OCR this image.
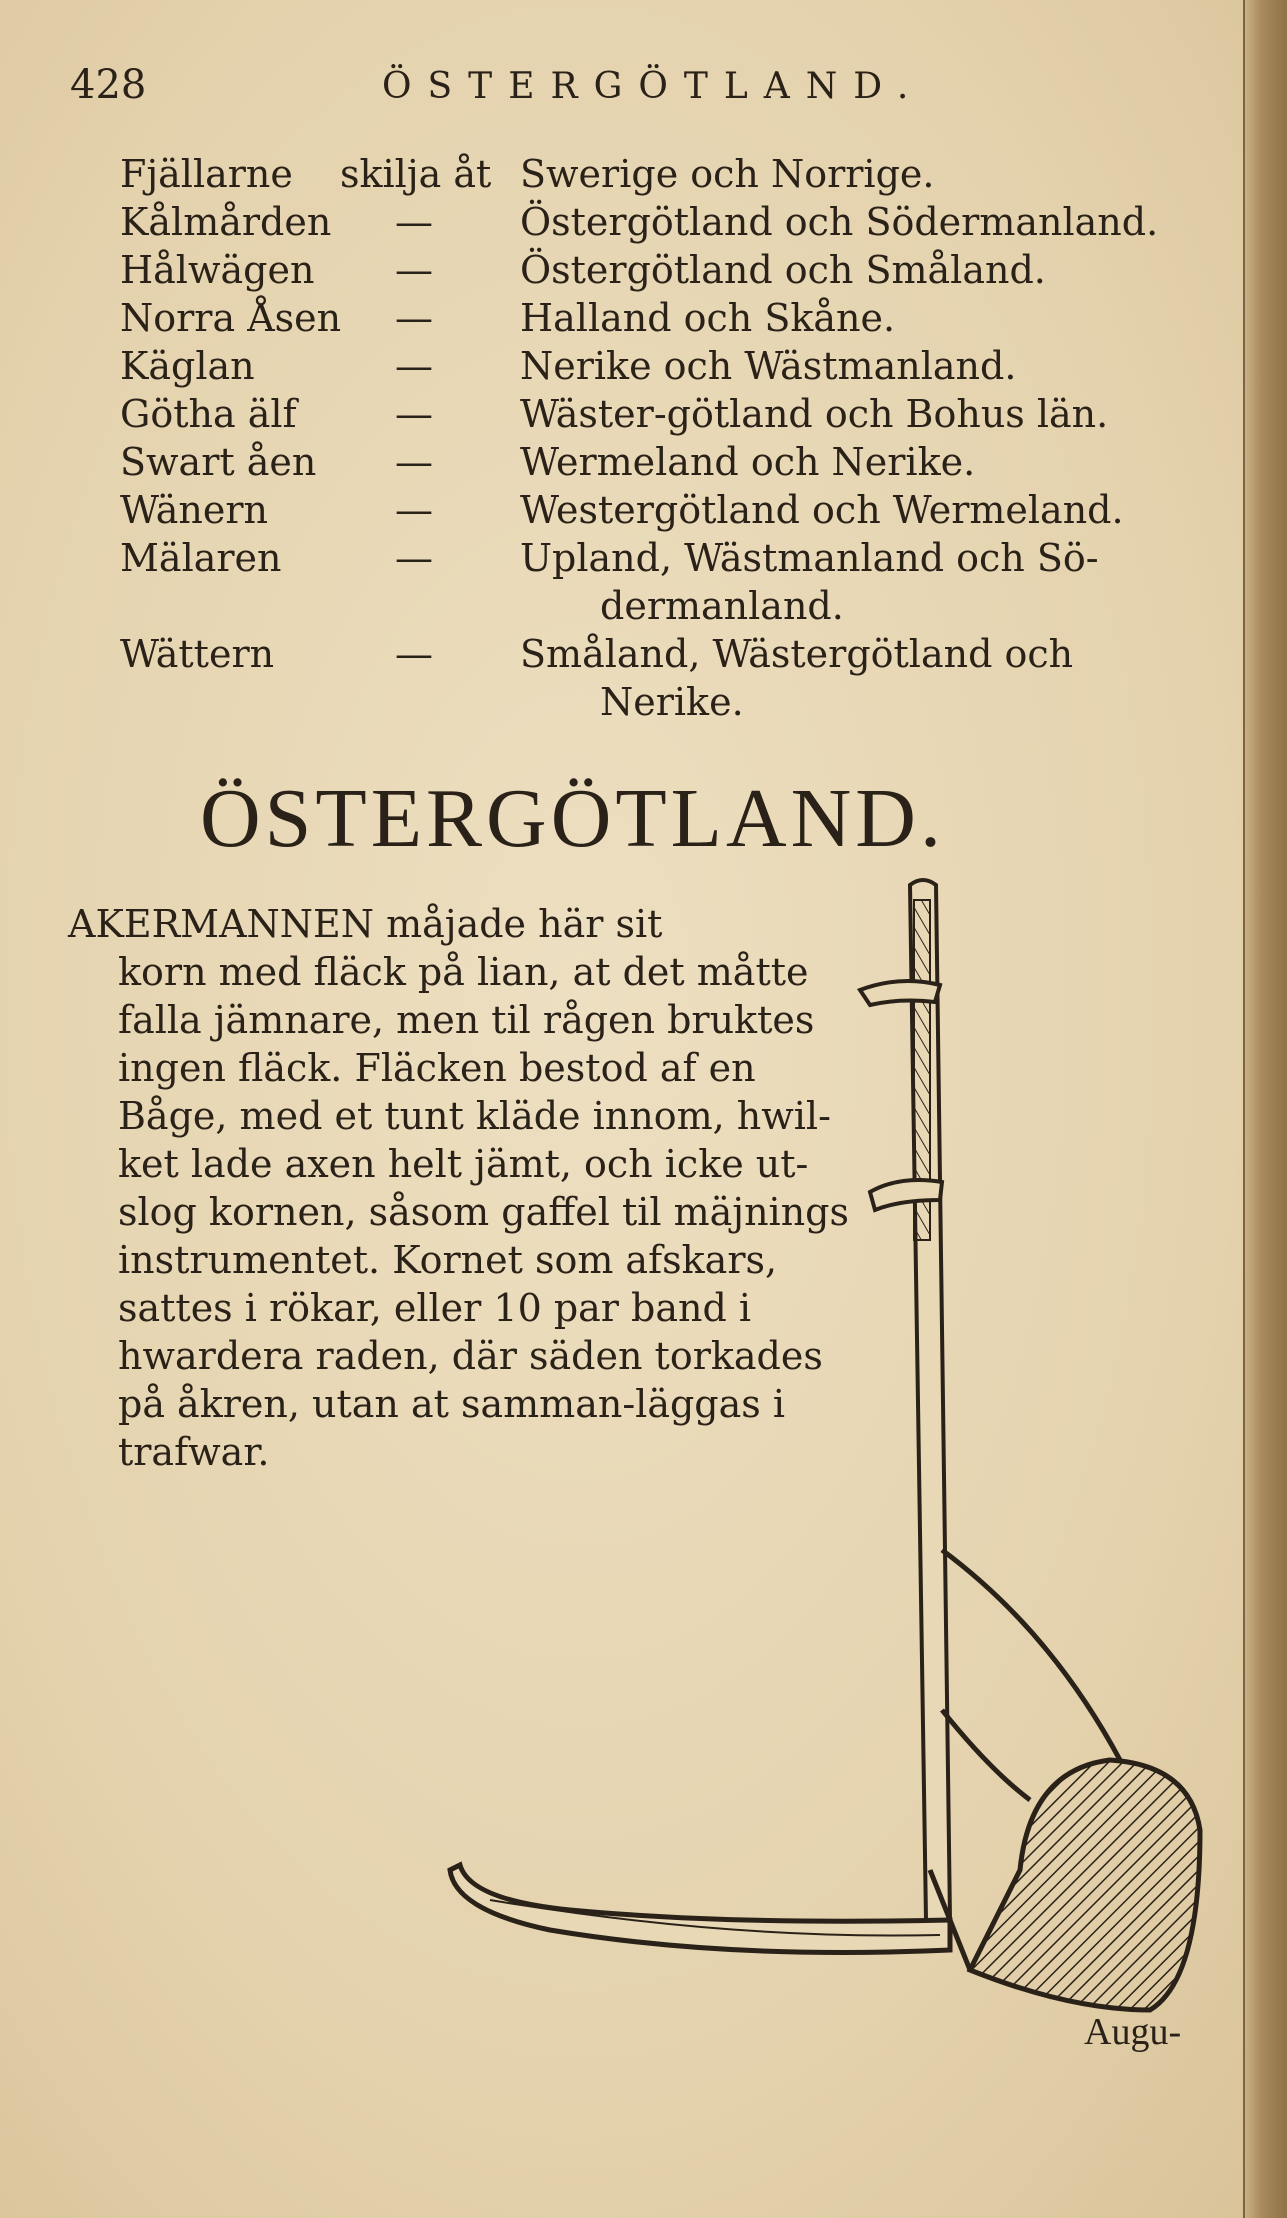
428	ÖSTERGÖTLAND.
Fjällarne skilja åt Swerige och Norrige.
Kålmården — Östergötland och Södermanland.
Hålwägen — Östergötland och Småland.
Norra Åsen — Halland och Skåne.
Käglan	— Nerike och Wästmanland.
Götha älf	— Wäster-götland och Bohus län.
Swart åen — Wermeland och Nerike.
Wänern	— Westergötland och Wermeland.
Mälaren	— Upland, Wästmanland och Sö-
dermanland.
Wättern	— Småland, Wästergötland och
Nerike.
ÖSTERGÖTLAND.
AKERMANNEN måjade här sit
korn med fläck på lian, at det måtte
falla jämnare, men til rågen bruktes
ingen fläck. Fläcken bestod af en
Båge, med et tunt kläde innom, hwil-
ket lade axen helt jämt, och icke ut-
slog kornen, såsom gaffel til mäjnings
instrumentet. Kornet som afskars,
sattes i rökar, eller 10 par band i
hwardera raden, där säden torkades
på åkren, utan at samman-läggas i
trafwar.
Augu-
